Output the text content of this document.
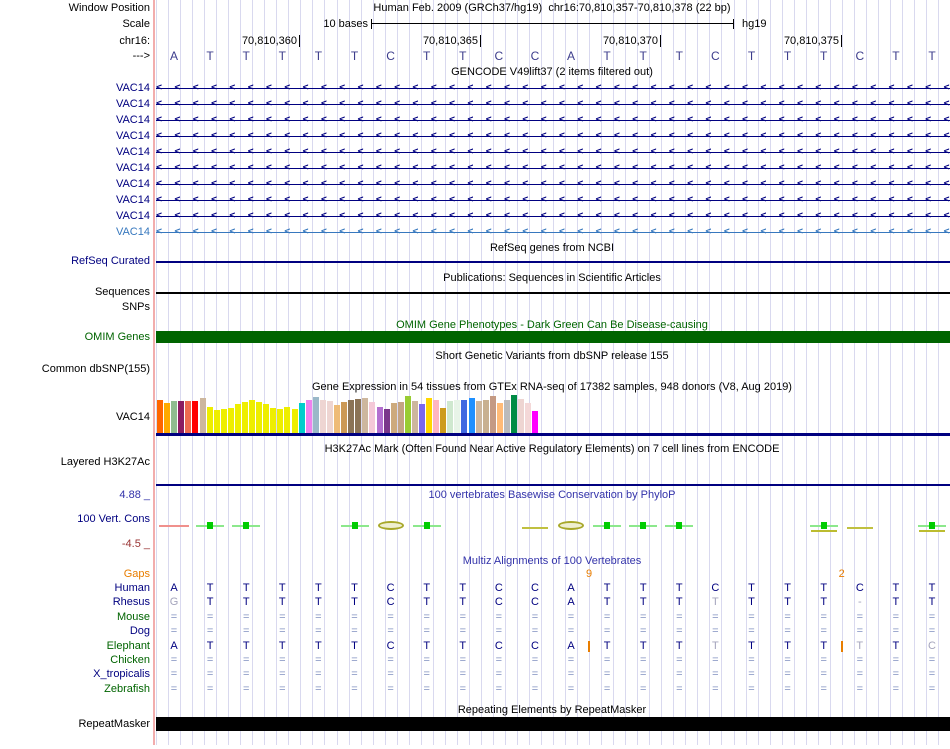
Window Position	Human Feb. 2009 (GRCh37/hg19) chr16:70,810,357-70,810,378 (22 bp)
Scale	10 bases	hg19
chr16:	70,810,360	70,810,365	70,810,370	70,810,375
--->	A	T	T	T	T	T	C	T	T	C	C	A	T	T	T	C	T	T	T	C	T	T
GENCODE V49lift37 (2 items filtered out)
VAC14 < < < < < < < < < < < < < < < < < < < < < < < < < < < < < < < < < < < < < < < < < < < <
VAC14 < < < < < < < < < < < < < < < < < < < < < < < < < < < < < < < < < < < < < < < < < < < <
VAC14 < < < < < < < < < < < < < < < < < < < < < < < < < < < < < < < < < < < < < < < < < < < <
VAC14 < < < < < < < < < < < < < < < < < < < < < < < < < < < < < < < < < < < < < < < < < < < <
VAC14 < < < < < < < < < < < < < < < < < < < < < < < < < < < < < < < < < < < < < < < < < < < <
VAC14 < < < < < < < < < < < < < < < < < < < < < < < < < < < < < < < < < < < < < < < < < < < <
VAC14 < < < < < < < < < < < < < < < < < < < < < < < < < < < < < < < < < < < < < < < < < < < <
VAC14 < < < < < < < < < < < < < < < < < < < < < < < < < < < < < < < < < < < < < < < < < < < <
VAC14 < < < < < < < < < < < < < < < < < < < < < < < < < < < < < < < < < < < < < < < < < < < <
VAC14 < < < < < < < < < < < < < < < < < < < < < < < < < < < < < < < < < < < < < < < < < < < <
RefSeq genes from NCBI
RefSeq Curated
Publications: Sequences in Scientific Articles
Sequences
SNPs
OMIM Gene Phenotypes - Dark Green Can Be Disease-causing
OMIM Genes
Short Genetic Variants from dbSNP release 155
Common dbSNP(155)
Gene Expression in 54 tissues from GTEx RNA-seq of 17382 samples, 948 donors (V8, Aug 2019)
VAC14
H3K27Ac Mark (Often Found Near Active Regulatory Elements) on 7 cell lines from ENCODE
Layered H3K27Ac
4.88 _	100 vertebrates Basewise Conservation by PhyloP
100 Vert. Cons
-4.5 _
Multiz Alignments of 100 Vertebrates
Gaps	9	2
Human	A	T	T	T	T	T	C	T	T	C	C	A	T	T	T	C	T	T	T	C	T	T
Rhesus	G	T	T	T	T	T	C	T	T	C	C	A	T	T	T	T	T	T	T	-	T	T
Mouse	=	=	=	=	=	=	=	=	=	=	=	=	=	=	=	=	=	=	=	=	=	=
Dog	=	=	=	=	=	=	=	=	=	=	=	=	=	=	=	=	=	=	=	=	=	=
Elephant	A	T	T	T	T	T	C	T	T	C	C	A	T	T	T	T	T	T	T	T	T	C
Chicken	=	=	=	=	=	=	=	=	=	=	=	=	=	=	=	=	=	=	=	=	=	=
X_tropicalis	=	=	=	=	=	=	=	=	=	=	=	=	=	=	=	=	=	=	=	=	=	=
Zebrafish	=	=	=	=	=	=	=	=	=	=	=	=	=	=	=	=	=	=	=	=	=	=
Repeating Elements by RepeatMasker
RepeatMasker
